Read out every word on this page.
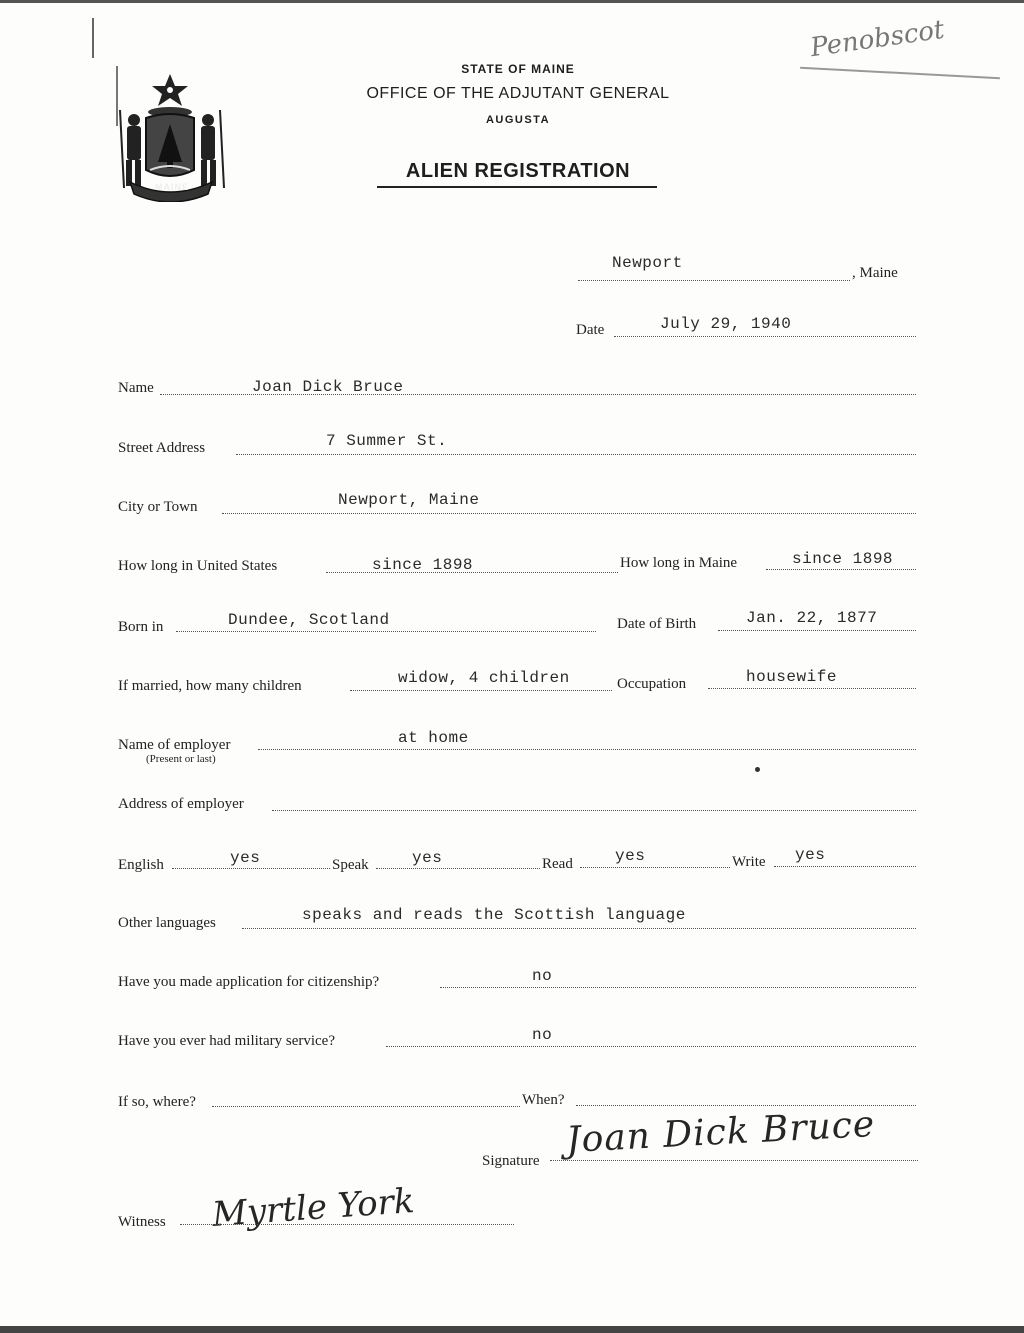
MAINE
STATE OF MAINE
OFFICE OF THE ADJUTANT GENERAL
AUGUSTA
ALIEN REGISTRATION
Penobscot
Newport
, Maine
Date	July 29, 1940
Name	Joan Dick Bruce
Street Address	7 Summer St.
City or Town	Newport, Maine
How long in United States	since 1898	How long in Maine	since 1898
Born in	Dundee, Scotland	Date of Birth	Jan. 22, 1877
If married, how many children	widow, 4 children	Occupation	housewife
Name of employer
(Present or last)
at home
Address of employer
English	yes	Speak	yes	Read	yes	Write yes
Other languages	speaks and reads the Scottish language
Have you made application for citizenship?	no
Have you ever had military service?	no
If so, where?	When?
Signature Joan Dick Bruce
Witness Myrtle York
